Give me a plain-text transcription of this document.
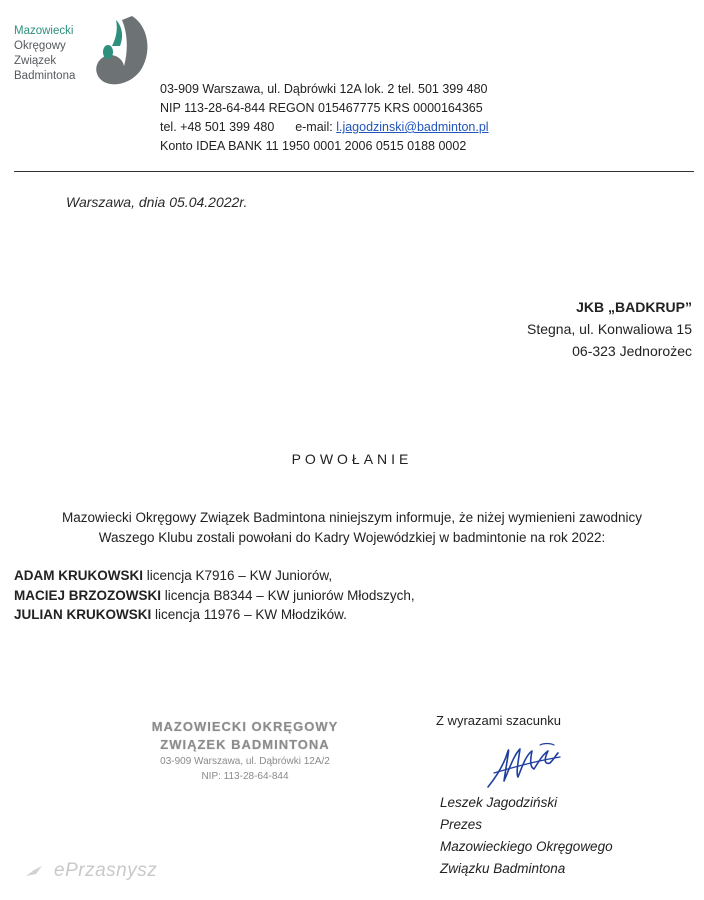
Mazowiecki
Okręgowy
Związek
Badmintona
03-909 Warszawa, ul. Dąbrówki 12A lok. 2 tel. 501 399 480
NIP 113-28-64-844 REGON 015467775 KRS 0000164365
tel. +48 501 399 480 e-mail: l.jagodzinski@badminton.pl
Konto IDEA BANK 11 1950 0001 2006 0515 0188 0002
Warszawa, dnia 05.04.2022r.
JKB „BADKRUP”
Stegna, ul. Konwaliowa 15
06-323 Jednorożec
POWOŁANIE
Mazowiecki Okręgowy Związek Badmintona niniejszym informuje, że niżej wymienieni zawodnicy
Waszego Klubu zostali powołani do Kadry Wojewódzkiej w badmintonie na rok 2022:
ADAM KRUKOWSKI licencja K7916 – KW Juniorów,
MACIEJ BRZOZOWSKI licencja B8344 – KW juniorów Młodszych,
JULIAN KRUKOWSKI licencja 11976 – KW Młodzików.
MAZOWIECKI OKRĘGOWY
ZWIĄZEK BADMINTONA
03-909 Warszawa, ul. Dąbrówki 12A/2
NIP: 113-28-64-844
Z wyrazami szacunku
Leszek Jagodziński
Prezes
Mazowieckiego Okręgowego
Związku Badmintona
ePrzasnysz
